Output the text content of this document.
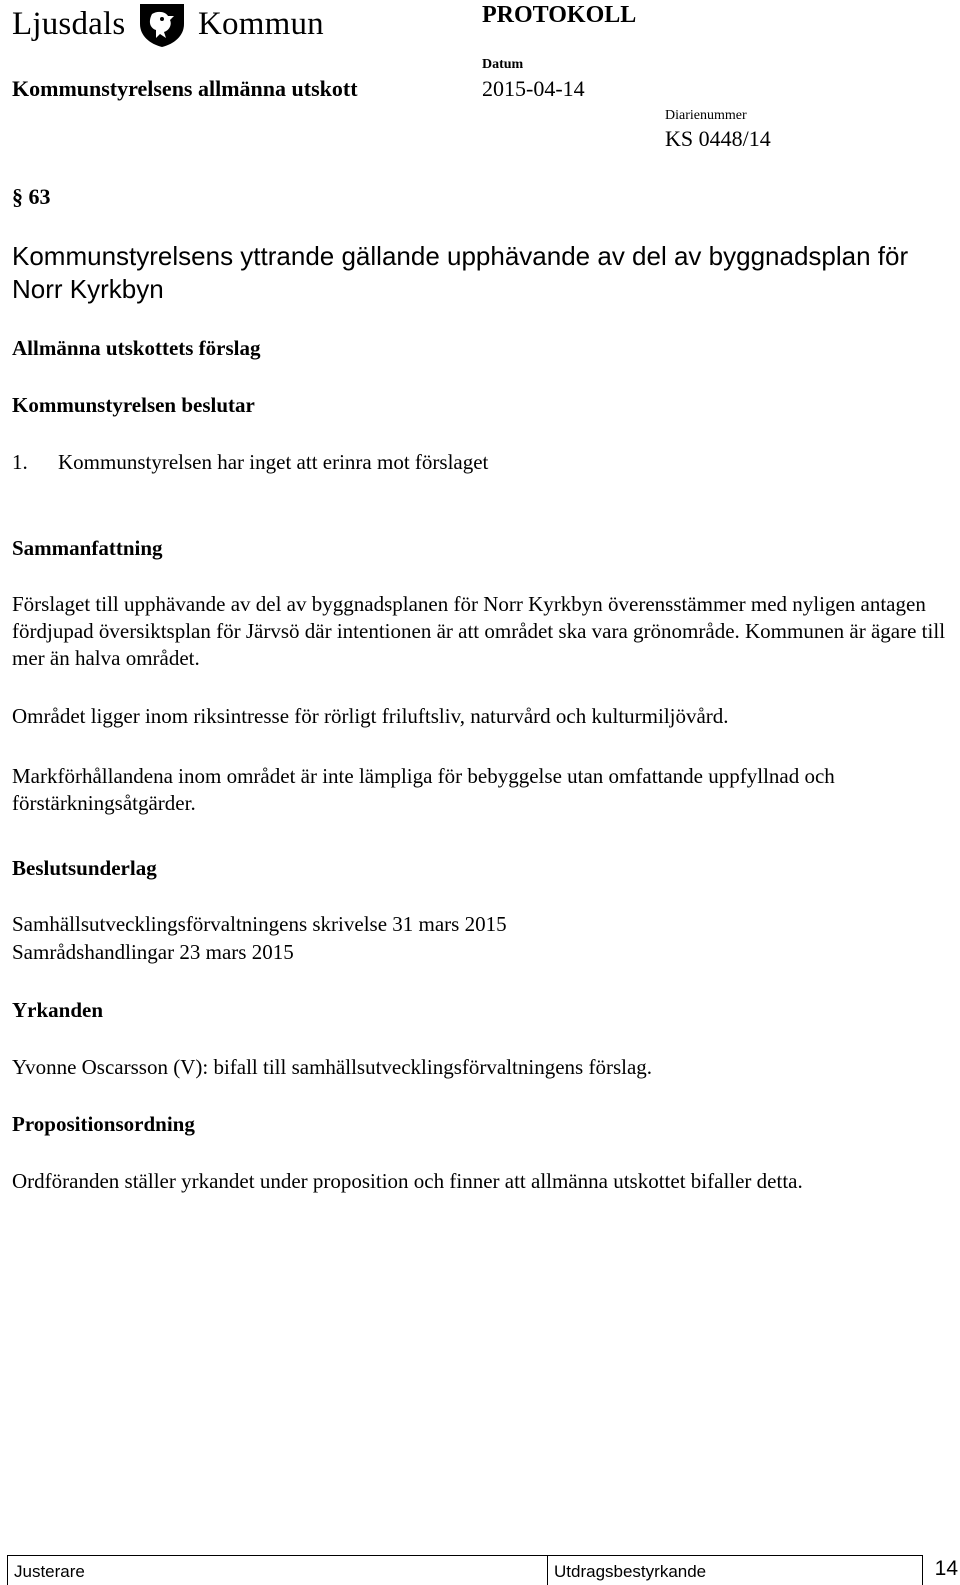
Ljusdals Kommun	PROTOKOLL
Kommunstyrelsens allmänna utskott
Datum
2015-04-14
Diarienummer
KS 0448/14
§ 63
Kommunstyrelsens yttrande gällande upphävande av del av byggnadsplan för Norr Kyrkbyn
Allmänna utskottets förslag
Kommunstyrelsen beslutar
1. Kommunstyrelsen har inget att erinra mot förslaget
Sammanfattning
Förslaget till upphävande av del av byggnadsplanen för Norr Kyrkbyn överensstämmer med nyligen antagen fördjupad översiktsplan för Järvsö där intentionen är att området ska vara grönområde. Kommunen är ägare till mer än halva området.
Området ligger inom riksintresse för rörligt friluftsliv, naturvård och kulturmiljövård.
Markförhållandena inom området är inte lämpliga för bebyggelse utan omfattande uppfyllnad och förstärkningsåtgärder.
Beslutsunderlag
Samhällsutvecklingsförvaltningens skrivelse 31 mars 2015
Samrådshandlingar 23 mars 2015
Yrkanden
Yvonne Oscarsson (V): bifall till samhällsutvecklingsförvaltningens förslag.
Propositionsordning
Ordföranden ställer yrkandet under proposition och finner att allmänna utskottet bifaller detta.
Justerare	Utdragsbestyrkande	14
